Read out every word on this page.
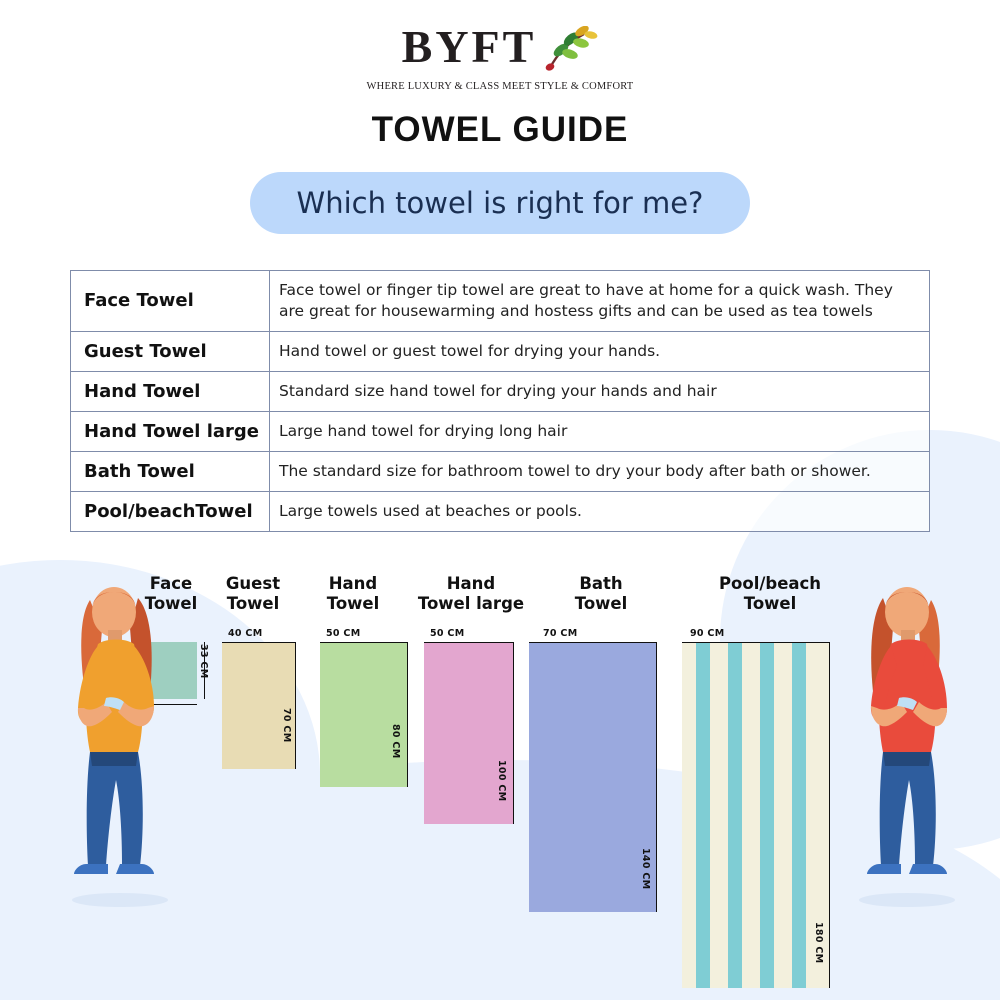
BYFT
WHERE LUXURY & CLASS MEET STYLE & COMFORT
TOWEL GUIDE
Which towel is right for me?
Face Towel	Face towel or finger tip towel are great to have at home for a quick wash. They are great for housewarming and hostess gifts and can be used as tea towels
Guest Towel	Hand towel or guest towel for drying your hands.
Hand Towel	Standard size hand towel for drying your hands and hair
Hand Towel large	Large hand towel for drying long hair
Bath Towel	The standard size for bathroom towel to dry your body after bath or shower.
Pool/beachTowel	Large towels used at beaches or pools.
Face
Towel
Guest
Towel
Hand
Towel
Hand
Towel large
Bath
Towel
Pool/beach
Towel
40 CM
70 CM
50 CM
80 CM
50 CM
100 CM
70 CM
140 CM
90 CM
180 CM
